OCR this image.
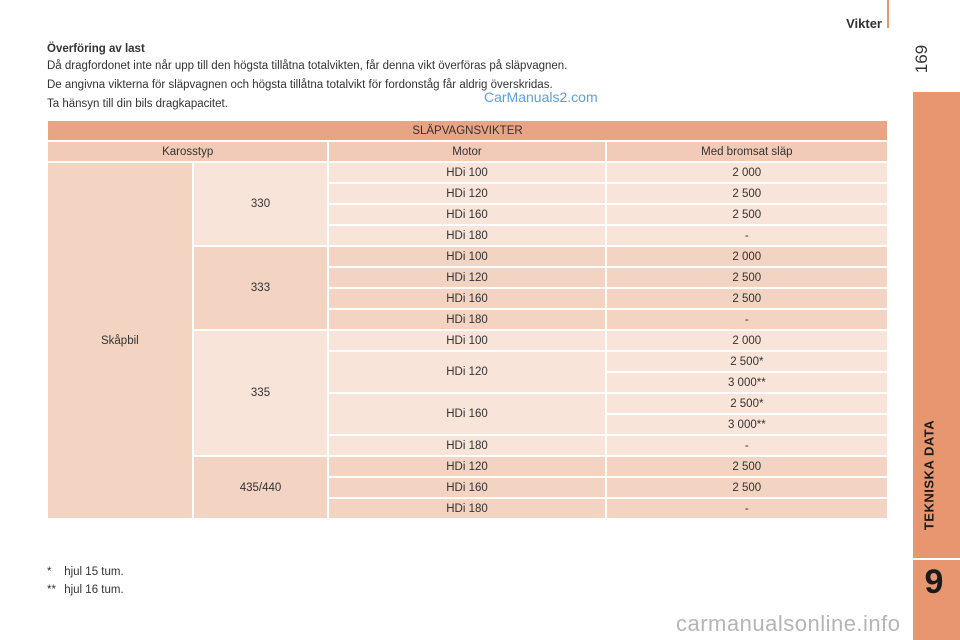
Vikter
169
TEKNISKA DATA
9
Överföring av last

Då dragfordonet inte når upp till den högsta tillåtna totalvikten, får denna vikt överföras på släpvagnen.

De angivna vikterna för släpvagnen och högsta tillåtna totalvikt för fordonståg får aldrig överskridas.

Ta hänsyn till din bils dragkapacitet.	CarManuals2.com
SLÄPVAGNSVIKTER			
Karosstyp		Motor	Med bromsat släp
Skåpbil	330	HDi 100	2 000
		HDi 120	2 500
		HDi 160	2 500
		HDi 180	-
	333	HDi 100	2 000
		HDi 120	2 500
		HDi 160	2 500
		HDi 180	-
	335	HDi 100	2 000
		HDi 120	2 500*
			3 000**
		HDi 160	2 500*
			3 000**
		HDi 180	-
	435/440	HDi 120	2 500
		HDi 160	2 500
		HDi 180	-
* hjul 15 tum.
** hjul 16 tum.
carmanualsonline.info
